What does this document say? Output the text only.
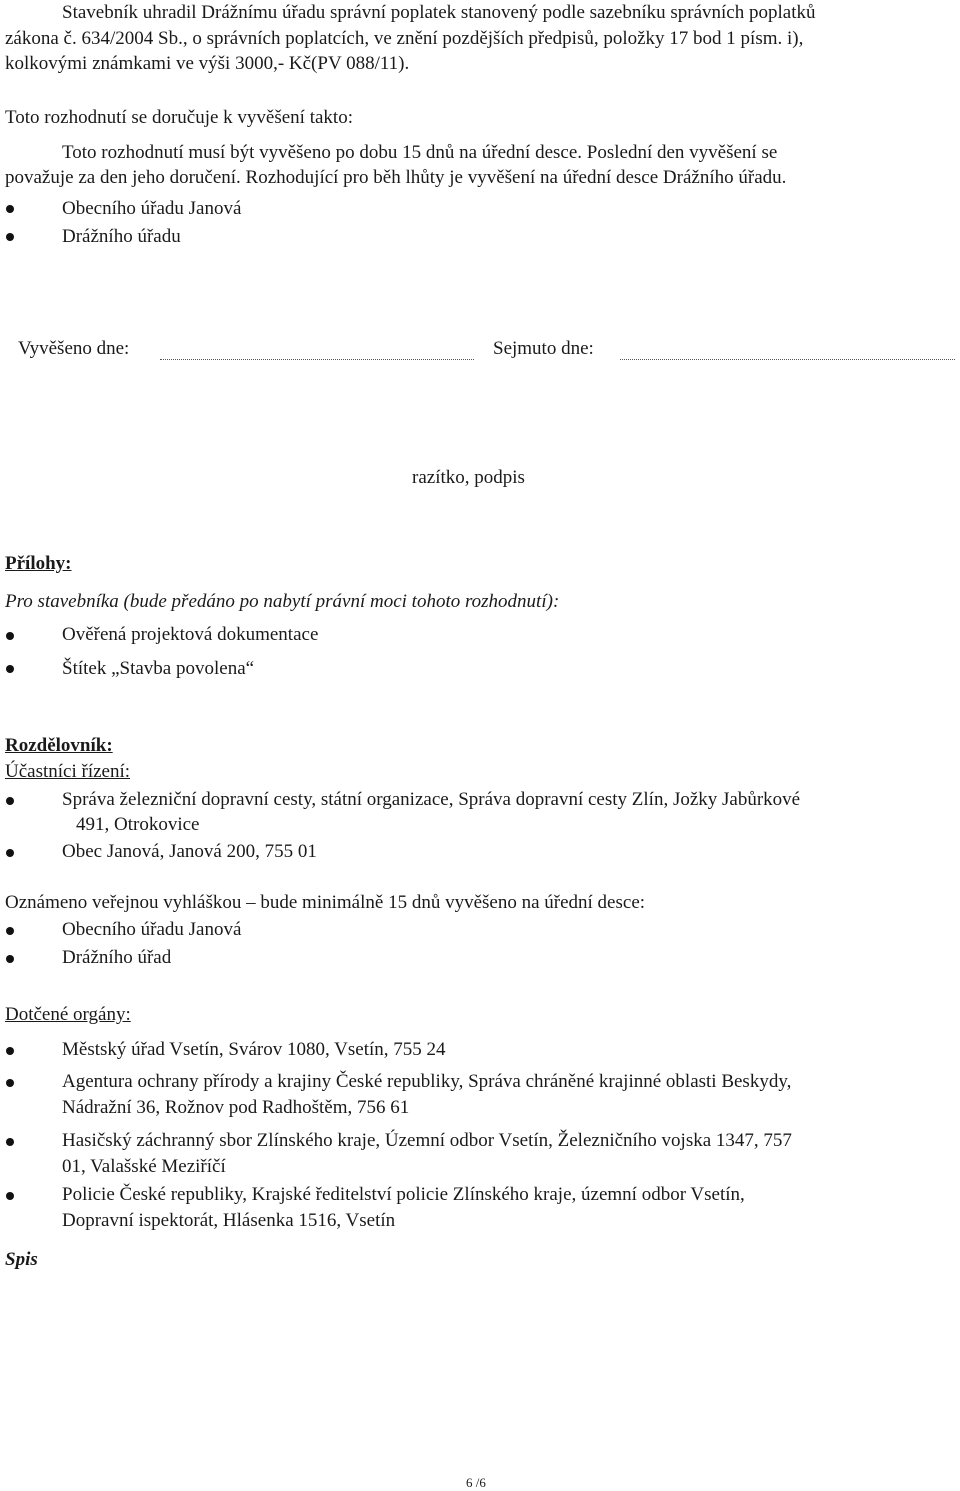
Stavebník uhradil Drážnímu úřadu správní poplatek stanovený podle sazebníku správních poplatků
zákona č. 634/2004 Sb., o správních poplatcích, ve znění pozdějších předpisů, položky 17 bod 1 písm. i),
kolkovými známkami ve výši 3000,- Kč(PV 088/11).
Toto rozhodnutí se doručuje k vyvěšení takto:
Toto rozhodnutí musí být vyvěšeno po dobu 15 dnů na úřední desce. Poslední den vyvěšení se
považuje za den jeho doručení. Rozhodující pro běh lhůty je vyvěšení na úřední desce Drážního úřadu.
Obecního úřadu Janová
Drážního úřadu
Vyvěšeno dne:	Sejmuto dne:
razítko, podpis
Přílohy:
Pro stavebníka (bude předáno po nabytí právní moci tohoto rozhodnutí):
Ověřená projektová dokumentace
Štítek „Stavba povolena“
Rozdělovník:
Účastníci řízení:
Správa železniční dopravní cesty, státní organizace, Správa dopravní cesty Zlín, Jožky Jabůrkové
491, Otrokovice
Obec Janová, Janová 200, 755 01
Oznámeno veřejnou vyhláškou – bude minimálně 15 dnů vyvěšeno na úřední desce:
Obecního úřadu Janová
Drážního úřad
Dotčené orgány:
Městský úřad Vsetín, Svárov 1080, Vsetín, 755 24
Agentura ochrany přírody a krajiny České republiky, Správa chráněné krajinné oblasti Beskydy,
Nádražní 36, Rožnov pod Radhoštěm, 756 61
Hasičský záchranný sbor Zlínského kraje, Územní odbor Vsetín, Železničního vojska 1347, 757
01, Valašské Meziříčí
Policie České republiky, Krajské ředitelství policie Zlínského kraje, územní odbor Vsetín,
Dopravní ispektorát, Hlásenka 1516, Vsetín
Spis
6 /6
